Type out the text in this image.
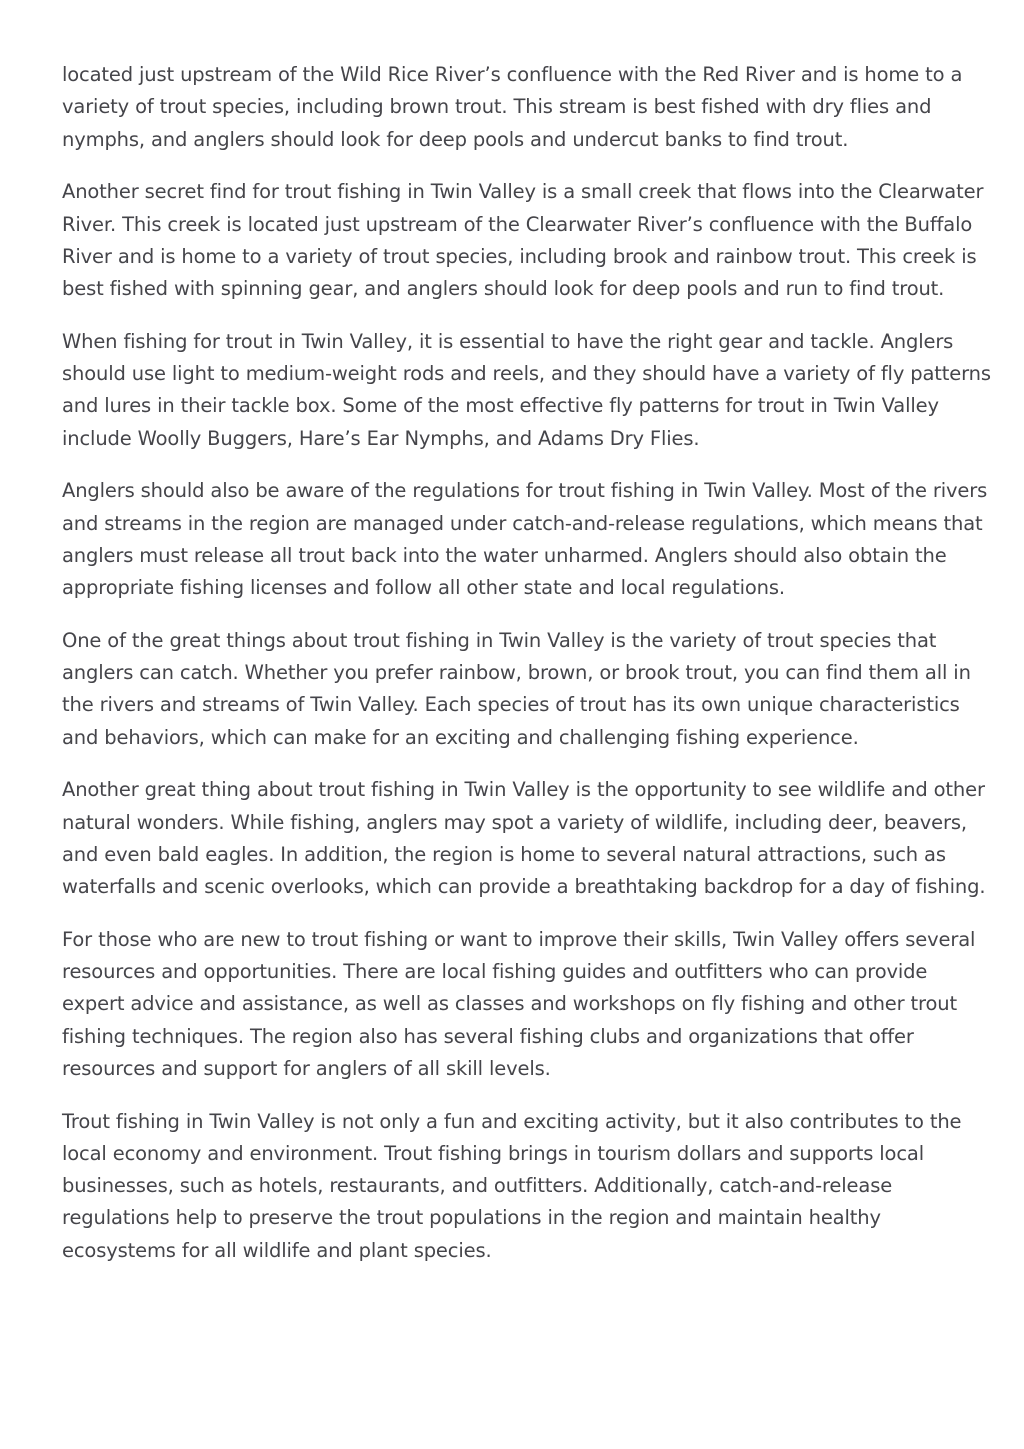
located just upstream of the Wild Rice River’s confluence with the Red River and is home to a variety of trout species, including brown trout. This stream is best fished with dry flies and nymphs, and anglers should look for deep pools and undercut banks to find trout.

Another secret find for trout fishing in Twin Valley is a small creek that flows into the Clearwater River. This creek is located just upstream of the Clearwater River’s confluence with the Buffalo River and is home to a variety of trout species, including brook and rainbow trout. This creek is best fished with spinning gear, and anglers should look for deep pools and run to find trout.

When fishing for trout in Twin Valley, it is essential to have the right gear and tackle. Anglers should use light to medium-weight rods and reels, and they should have a variety of fly patterns and lures in their tackle box. Some of the most effective fly patterns for trout in Twin Valley include Woolly Buggers, Hare’s Ear Nymphs, and Adams Dry Flies.

Anglers should also be aware of the regulations for trout fishing in Twin Valley. Most of the rivers and streams in the region are managed under catch-and-release regulations, which means that anglers must release all trout back into the water unharmed. Anglers should also obtain the appropriate fishing licenses and follow all other state and local regulations.

One of the great things about trout fishing in Twin Valley is the variety of trout species that anglers can catch. Whether you prefer rainbow, brown, or brook trout, you can find them all in the rivers and streams of Twin Valley. Each species of trout has its own unique characteristics and behaviors, which can make for an exciting and challenging fishing experience.

Another great thing about trout fishing in Twin Valley is the opportunity to see wildlife and other natural wonders. While fishing, anglers may spot a variety of wildlife, including deer, beavers, and even bald eagles. In addition, the region is home to several natural attractions, such as waterfalls and scenic overlooks, which can provide a breathtaking backdrop for a day of fishing.

For those who are new to trout fishing or want to improve their skills, Twin Valley offers several resources and opportunities. There are local fishing guides and outfitters who can provide expert advice and assistance, as well as classes and workshops on fly fishing and other trout fishing techniques. The region also has several fishing clubs and organizations that offer resources and support for anglers of all skill levels.

Trout fishing in Twin Valley is not only a fun and exciting activity, but it also contributes to the local economy and environment. Trout fishing brings in tourism dollars and supports local businesses, such as hotels, restaurants, and outfitters. Additionally, catch-and-release regulations help to preserve the trout populations in the region and maintain healthy ecosystems for all wildlife and plant species.
